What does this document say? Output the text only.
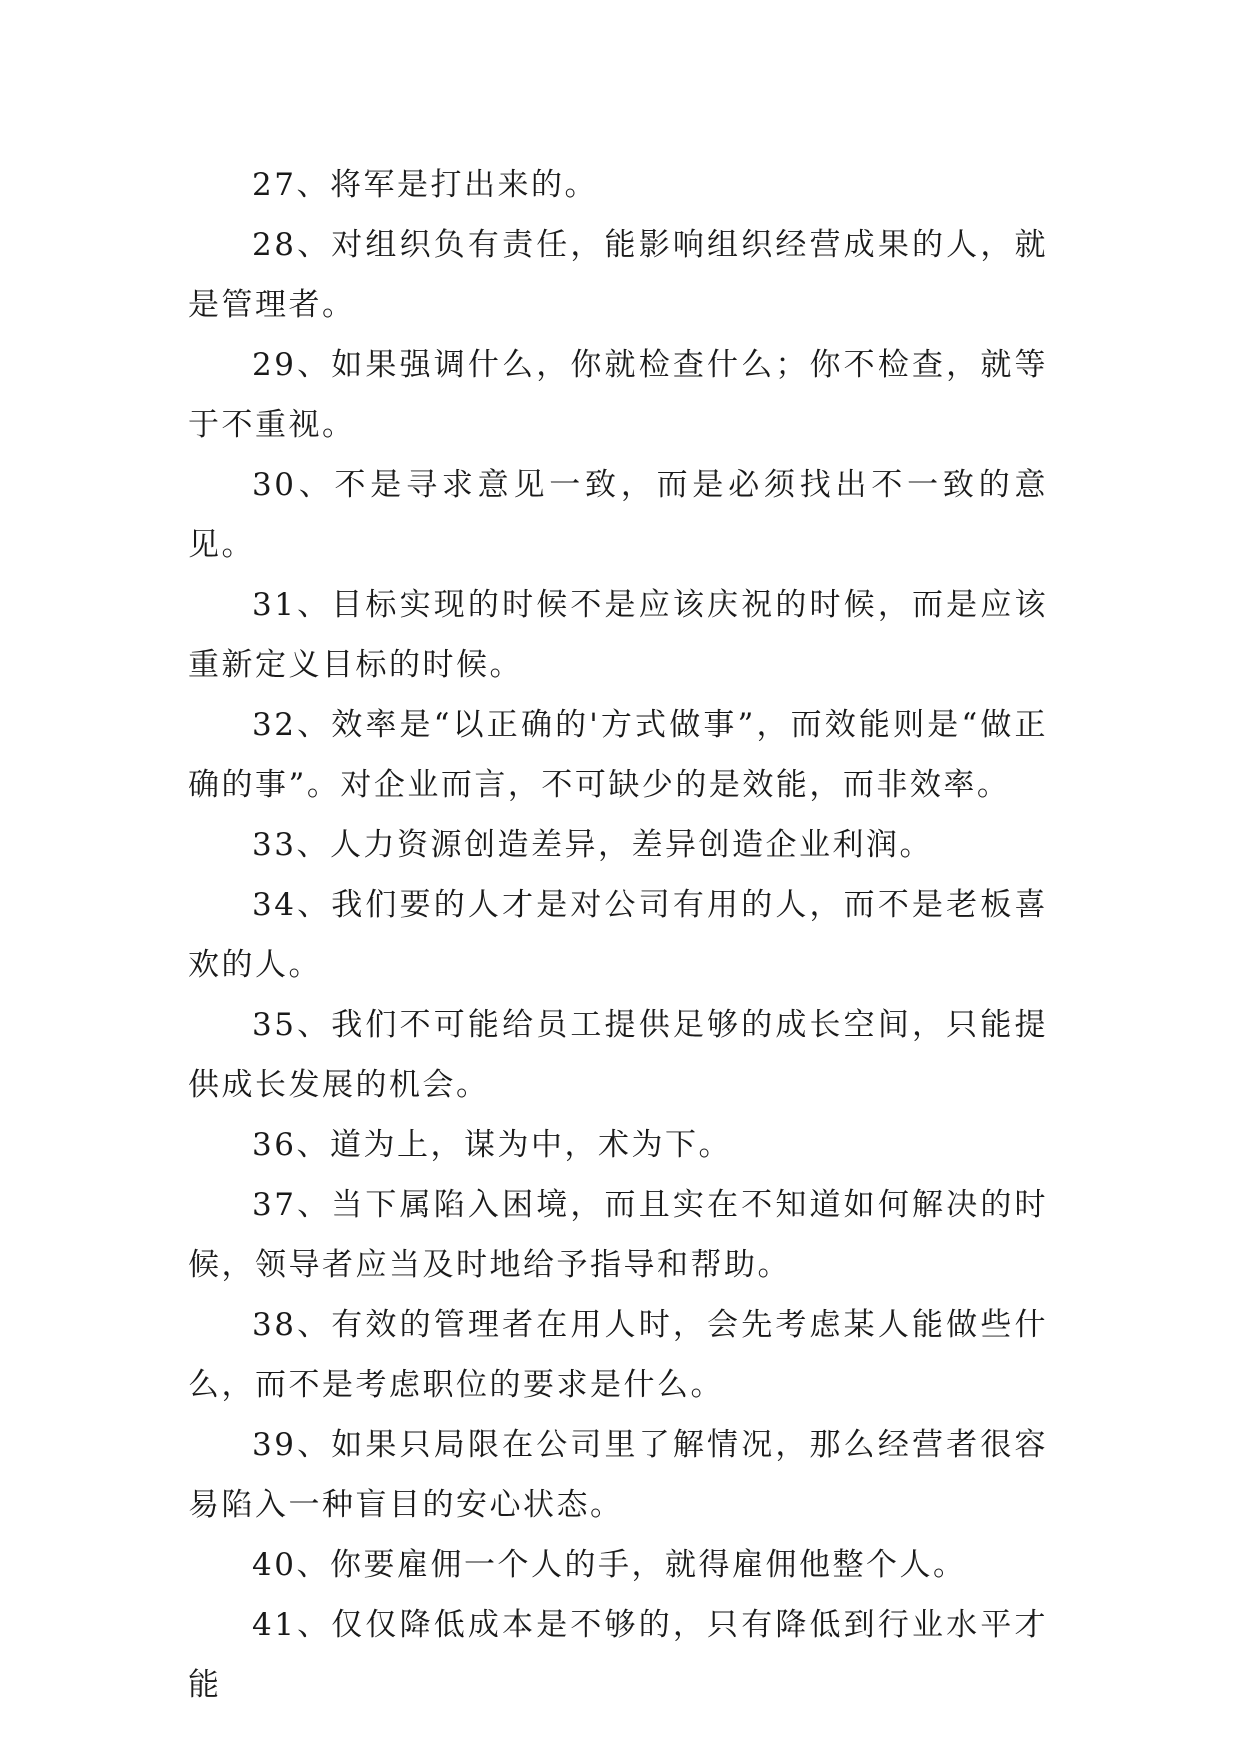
27、将军是打出来的。

28、对组织负有责任，能影响组织经营成果的人，就是管理者。

29、如果强调什么，你就检查什么；你不检查，就等于不重视。

30、不是寻求意见一致，而是必须找出不一致的意见。

31、目标实现的时候不是应该庆祝的时候，而是应该重新定义目标的时候。

32、效率是“以正确的'方式做事”，而效能则是“做正确的事”。对企业而言，不可缺少的是效能，而非效率。

33、人力资源创造差异，差异创造企业利润。

34、我们要的人才是对公司有用的人，而不是老板喜欢的人。

35、我们不可能给员工提供足够的成长空间，只能提供成长发展的机会。

36、道为上，谋为中，术为下。

37、当下属陷入困境，而且实在不知道如何解决的时候，领导者应当及时地给予指导和帮助。

38、有效的管理者在用人时，会先考虑某人能做些什么，而不是考虑职位的要求是什么。

39、如果只局限在公司里了解情况，那么经营者很容易陷入一种盲目的安心状态。

40、你要雇佣一个人的手，就得雇佣他整个人。

41、仅仅降低成本是不够的，只有降低到行业水平才能
